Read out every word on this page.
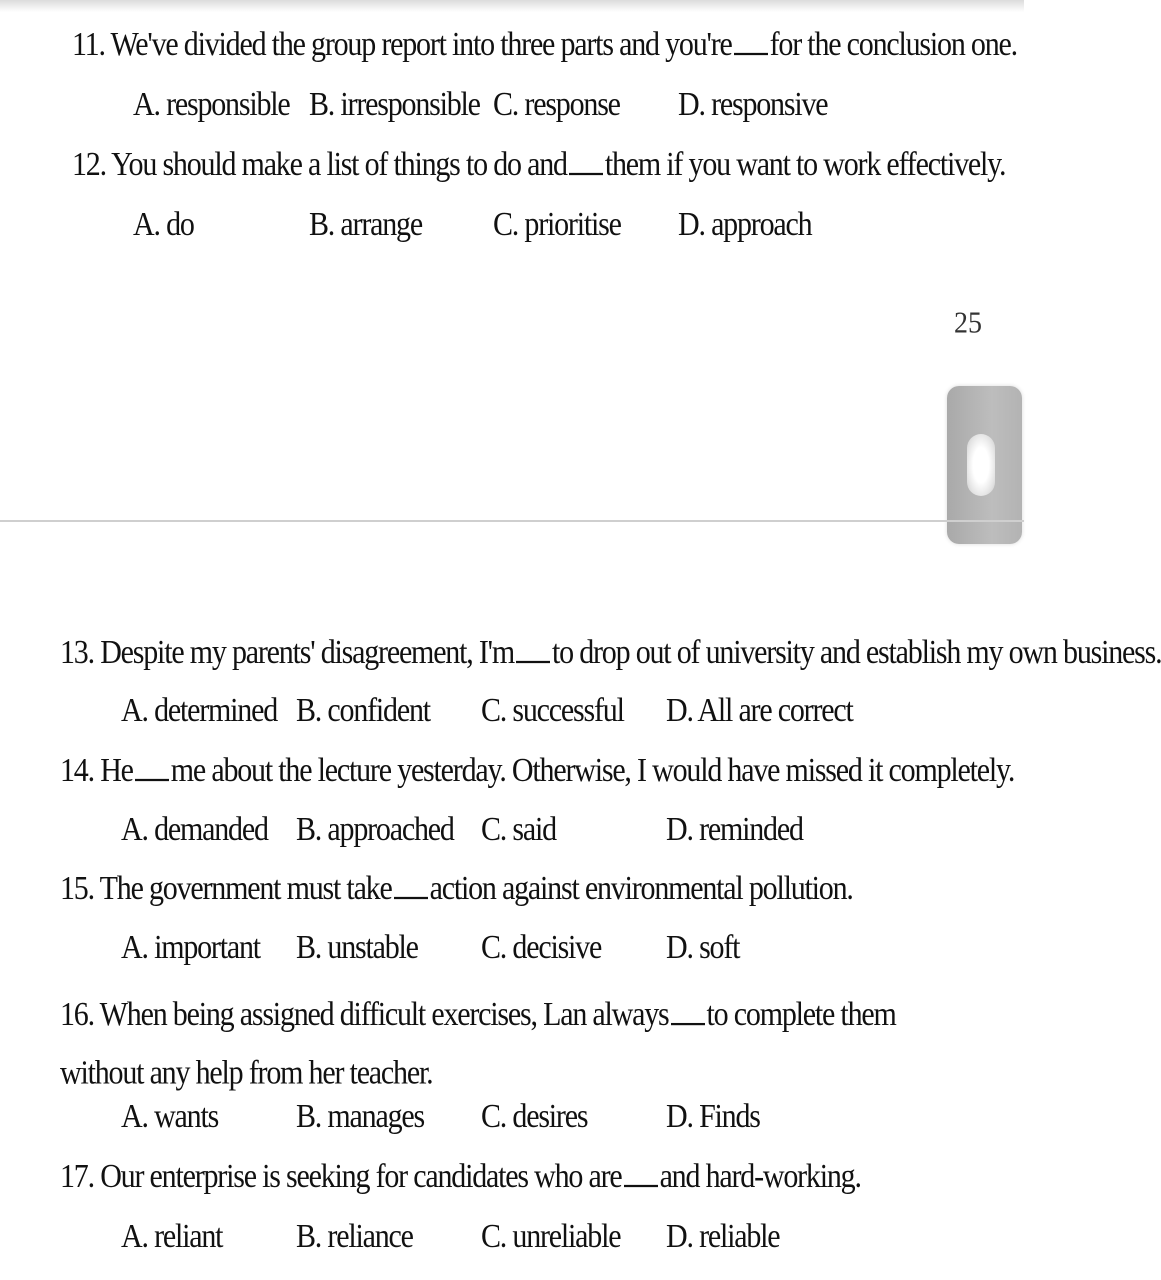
11. We've divided the group report into three parts and you're for the conclusion one.
A. responsible B. irresponsible C. response D. responsive
12. You should make a list of things to do and them if you want to work effectively.
A. do	B. arrange C. prioritise D. approach
25
13. Despite my parents' disagreement, I'm to drop out of university and establish my own business.
A. determined B. confident C. successful D. All are correct
14. He me about the lecture yesterday. Otherwise, I would have missed it completely.
A. demanded B. approached C. said	D. reminded
15. The government must take action against environmental pollution.
A. important B. unstable C. decisive D. soft
16. When being assigned difficult exercises, Lan always to complete them without any help from her teacher.
A. wants	B. manages C. desires	D. Finds
17. Our enterprise is seeking for candidates who are and hard-working.
A. reliant B. reliance C. unreliable D. reliable
